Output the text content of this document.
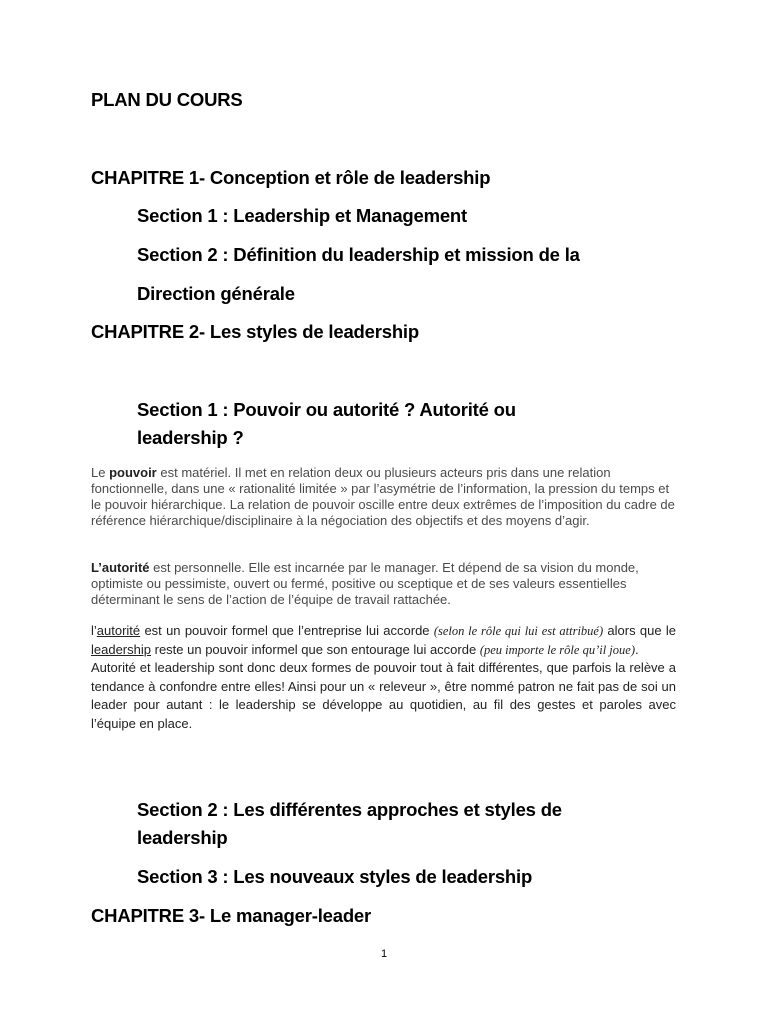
PLAN DU COURS
CHAPITRE 1- Conception et rôle de leadership
Section 1 : Leadership et Management
Section 2 : Définition du leadership et mission de la
Direction générale
CHAPITRE 2- Les styles de leadership
Section 1 : Pouvoir ou autorité ? Autorité ou leadership ?

Le pouvoir est matériel. Il met en relation deux ou plusieurs acteurs pris dans une relation fonctionnelle, dans une « rationalité limitée » par l’asymétrie de l’information, la pression du temps et le pouvoir hiérarchique. La relation de pouvoir oscille entre deux extrêmes de l’imposition du cadre de référence hiérarchique/disciplinaire à la négociation des objectifs et des moyens d’agir.

L’autorité est personnelle. Elle est incarnée par le manager. Et dépend de sa vision du monde, optimiste ou pessimiste, ouvert ou fermé, positive ou sceptique et de ses valeurs essentielles déterminant le sens de l’action de l’équipe de travail rattachée.

l’autorité est un pouvoir formel que l’entreprise lui accorde (selon le rôle qui lui est attribué) alors que le leadership reste un pouvoir informel que son entourage lui accorde (peu importe le rôle qu’il joue).
Autorité et leadership sont donc deux formes de pouvoir tout à fait différentes, que parfois la relève a tendance à confondre entre elles! Ainsi pour un « releveur », être nommé patron ne fait pas de soi un leader pour autant : le leadership se développe au quotidien, au fil des gestes et paroles avec l’équipe en place.

Section 2 : Les différentes approches et styles de leadership
Section 3 : Les nouveaux styles de leadership
CHAPITRE 3- Le manager-leader
1
